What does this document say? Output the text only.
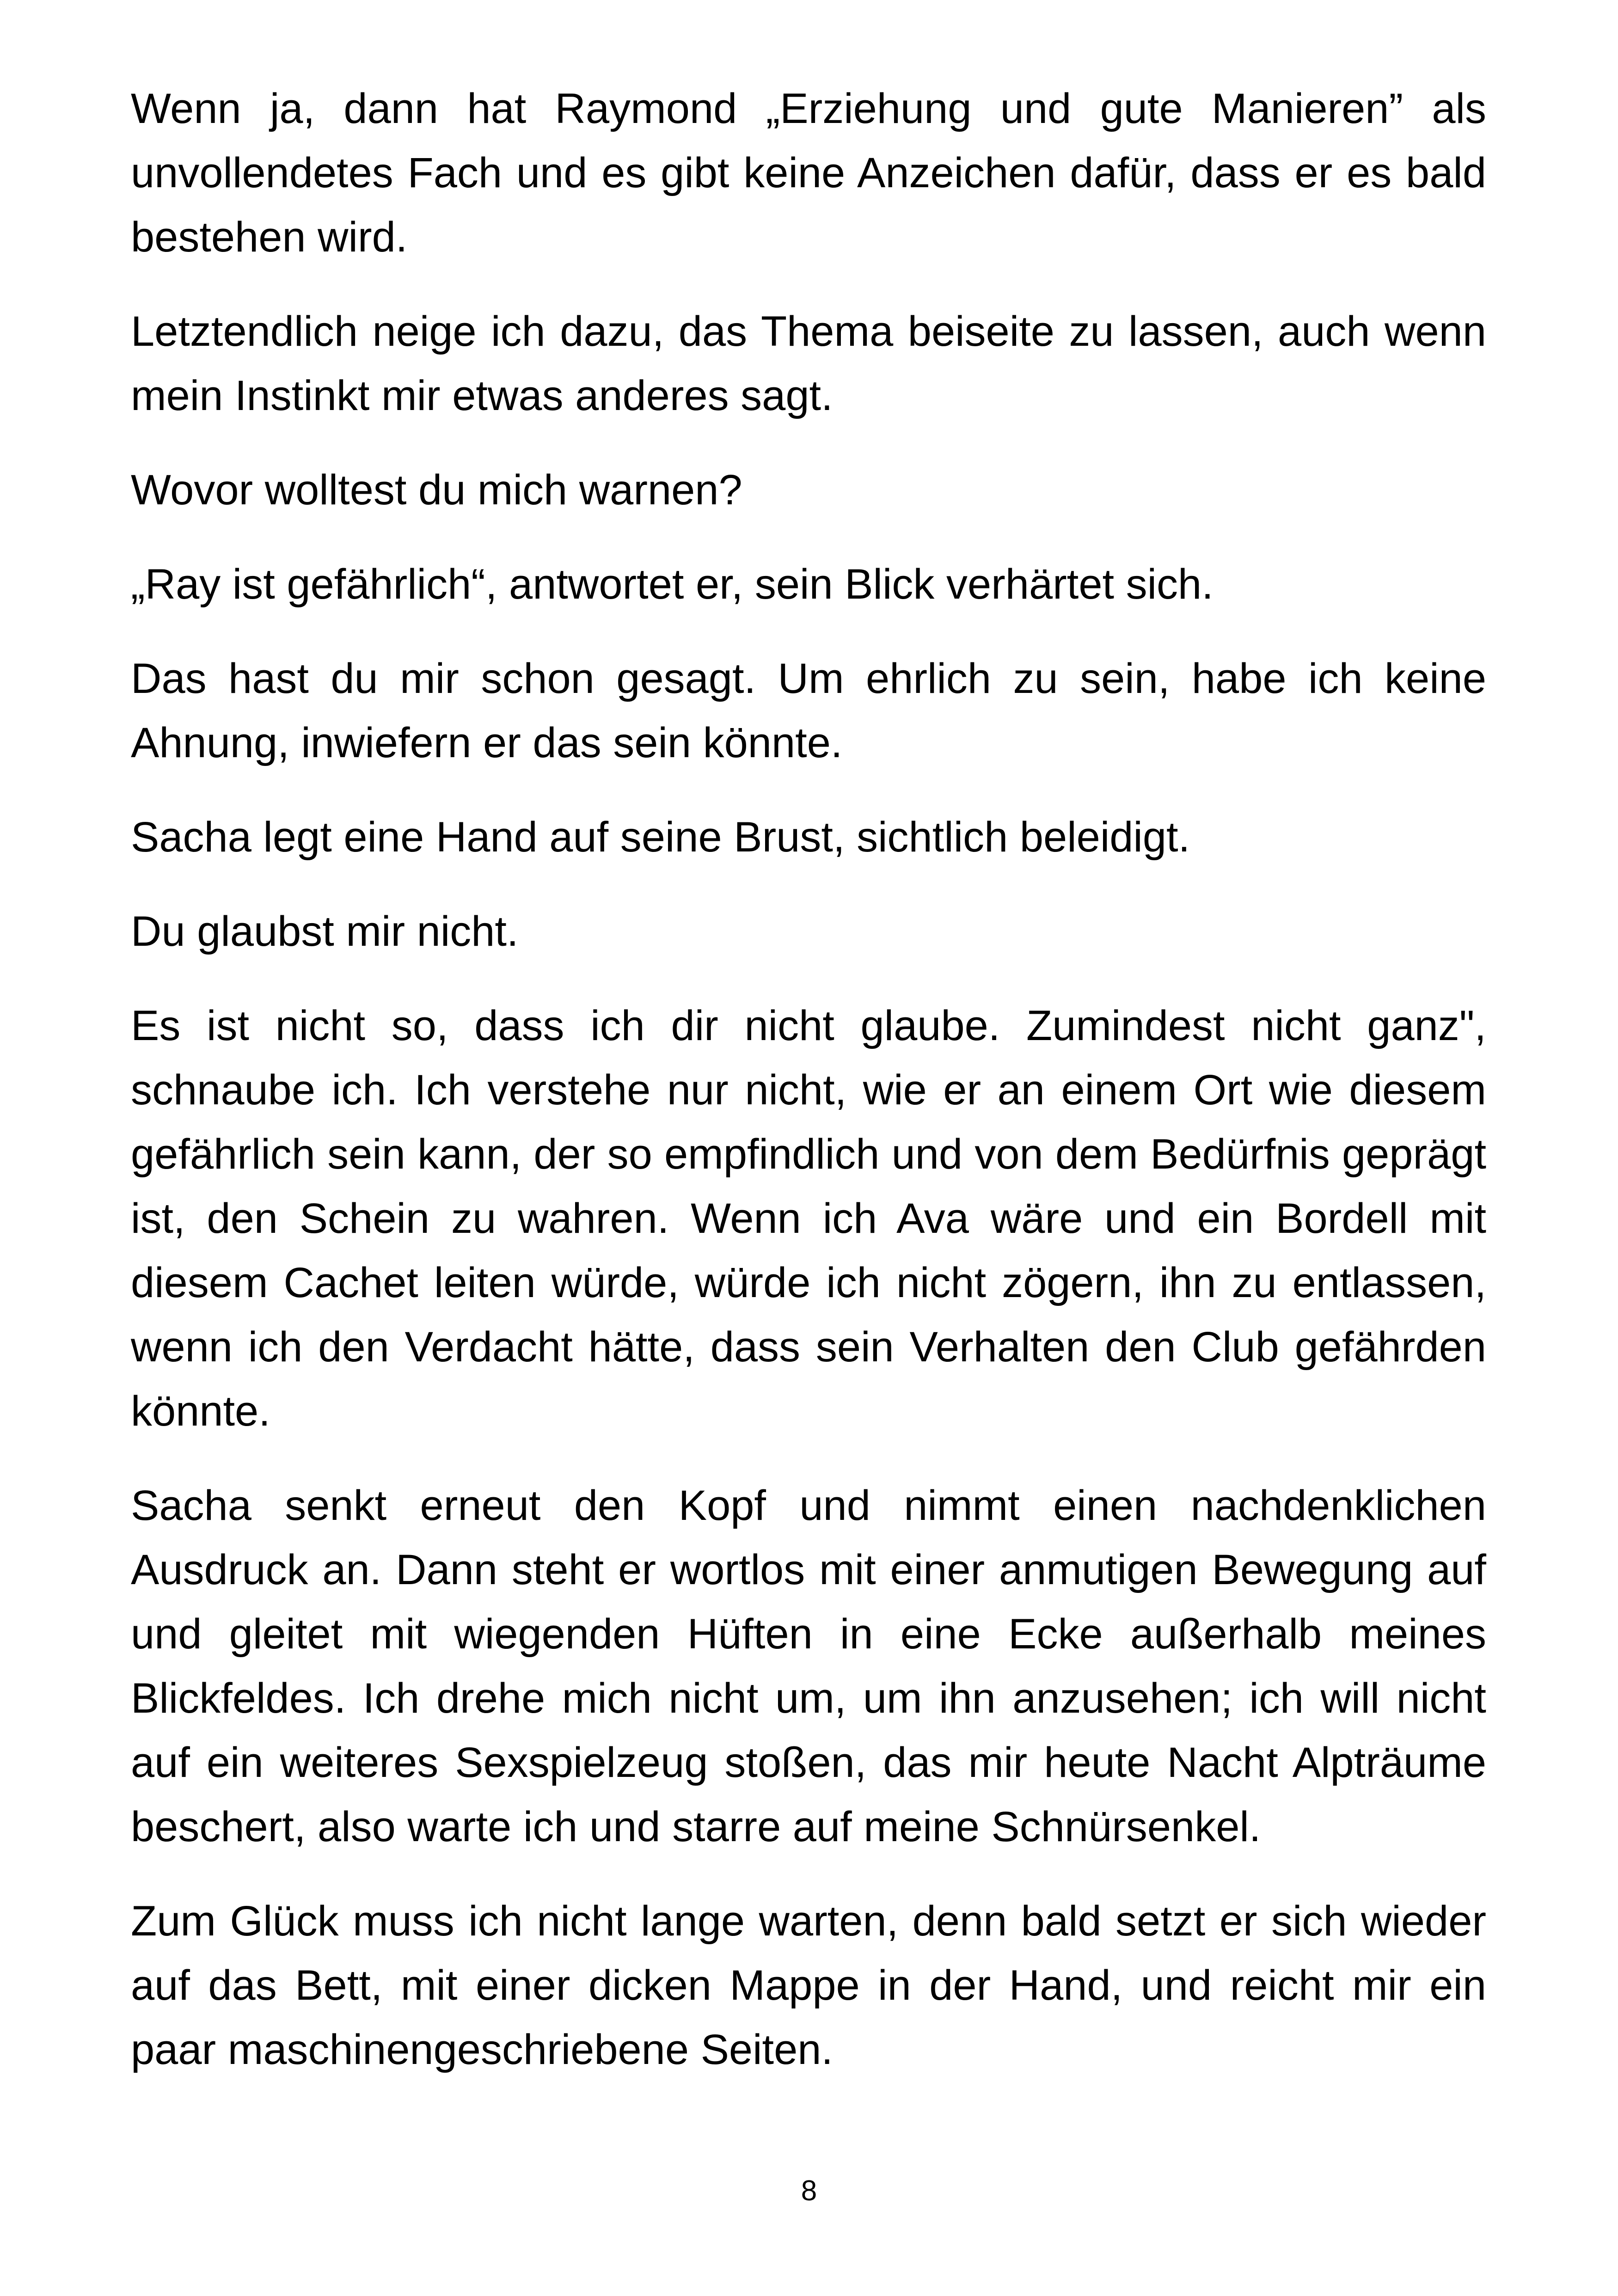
Wenn ja, dann hat Raymond „Erziehung und gute Manieren” als unvollendetes Fach und es gibt keine Anzeichen dafür, dass er es bald bestehen wird.

Letztendlich neige ich dazu, das Thema beiseite zu lassen, auch wenn mein Instinkt mir etwas anderes sagt.

Wovor wolltest du mich warnen?

„Ray ist gefährlich“, antwortet er, sein Blick verhärtet sich.

Das hast du mir schon gesagt. Um ehrlich zu sein, habe ich keine Ahnung, inwiefern er das sein könnte.

Sacha legt eine Hand auf seine Brust, sichtlich beleidigt.

Du glaubst mir nicht.

Es ist nicht so, dass ich dir nicht glaube. Zumindest nicht ganz", schnaube ich. Ich verstehe nur nicht, wie er an einem Ort wie diesem gefährlich sein kann, der so empfindlich und von dem Bedürfnis geprägt ist, den Schein zu wahren. Wenn ich Ava wäre und ein Bordell mit diesem Cachet leiten würde, würde ich nicht zögern, ihn zu entlassen, wenn ich den Verdacht hätte, dass sein Verhalten den Club gefährden könnte.

Sacha senkt erneut den Kopf und nimmt einen nachdenklichen Ausdruck an. Dann steht er wortlos mit einer anmutigen Bewegung auf und gleitet mit wiegenden Hüften in eine Ecke außerhalb meines Blickfeldes. Ich drehe mich nicht um, um ihn anzusehen; ich will nicht auf ein weiteres Sexspielzeug stoßen, das mir heute Nacht Alpträume beschert, also warte ich und starre auf meine Schnürsenkel.

Zum Glück muss ich nicht lange warten, denn bald setzt er sich wieder auf das Bett, mit einer dicken Mappe in der Hand, und reicht mir ein paar maschinengeschriebene Seiten.

8
